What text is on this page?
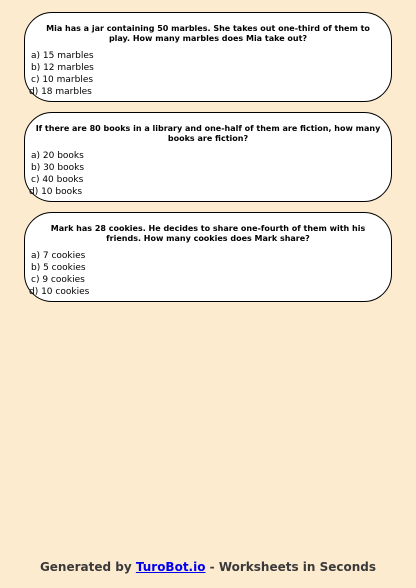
Mia has a jar containing 50 marbles. She takes out one-third of them to play. How many marbles does Mia take out?
a) 15 marbles
b) 12 marbles
c) 10 marbles
d) 18 marbles
If there are 80 books in a library and one-half of them are fiction, how many books are fiction?
a) 20 books
b) 30 books
c) 40 books
d) 10 books
Mark has 28 cookies. He decides to share one-fourth of them with his friends. How many cookies does Mark share?
a) 7 cookies
b) 5 cookies
c) 9 cookies
d) 10 cookies
Generated by TuroBot.io - Worksheets in Seconds
